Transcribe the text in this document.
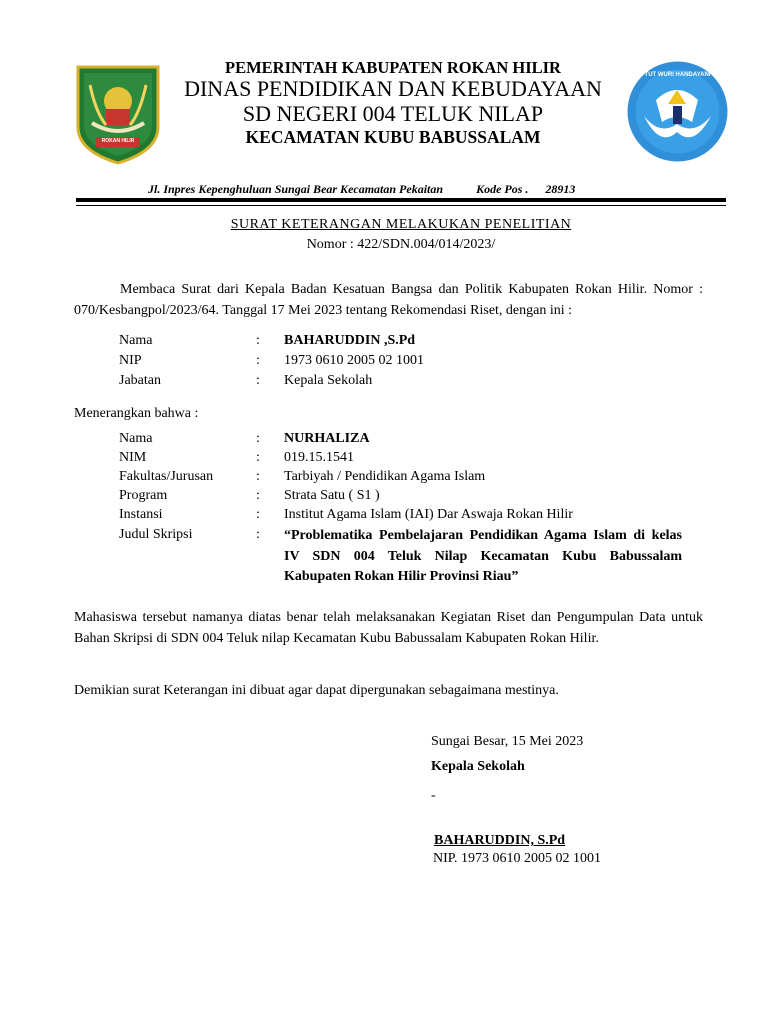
ROKAN HILIR
TUT WURI HANDAYANI
PEMERINTAH KABUPATEN ROKAN HILIR
DINAS PENDIDIKAN DAN KEBUDAYAAN
SD NEGERI 004 TELUK NILAP
KECAMATAN KUBU BABUSSALAM
Jl. Inpres Kepenghuluan Sungai Bear Kecamatan Pekaitan	Kode Pos . 28913
SURAT KETERANGAN MELAKUKAN PENELITIAN
Nomor : 422/SDN.004/014/2023/
Membaca Surat dari Kepala Badan Kesatuan Bangsa dan Politik Kabupaten Rokan Hilir. Nomor : 070/Kesbangpol/2023/64. Tanggal 17 Mei 2023 tentang Rekomendasi Riset, dengan ini :
Nama	: BAHARUDDIN ,S.Pd
NIP	: 1973 0610 2005 02 1001
Jabatan	: Kepala Sekolah
Menerangkan bahwa :
Nama	: NURHALIZA
NIM	: 019.15.1541
Fakultas/Jurusan	: Tarbiyah / Pendidikan Agama Islam
Program	: Strata Satu ( S1 )
Instansi	: Institut Agama Islam (IAI) Dar Aswaja Rokan Hilir
Judul Skripsi	: “Problematika Pembelajaran Pendidikan Agama Islam di kelas IV SDN 004 Teluk Nilap Kecamatan Kubu Babussalam Kabupaten Rokan Hilir Provinsi Riau”
Mahasiswa tersebut namanya diatas benar telah melaksanakan Kegiatan Riset dan Pengumpulan Data untuk Bahan Skripsi di SDN 004 Teluk nilap Kecamatan Kubu Babussalam Kabupaten Rokan Hilir.
Demikian surat Keterangan ini dibuat agar dapat dipergunakan sebagaimana mestinya.
Sungai Besar, 15 Mei 2023
Kepala Sekolah
-
BAHARUDDIN, S.Pd
NIP. 1973 0610 2005 02 1001
